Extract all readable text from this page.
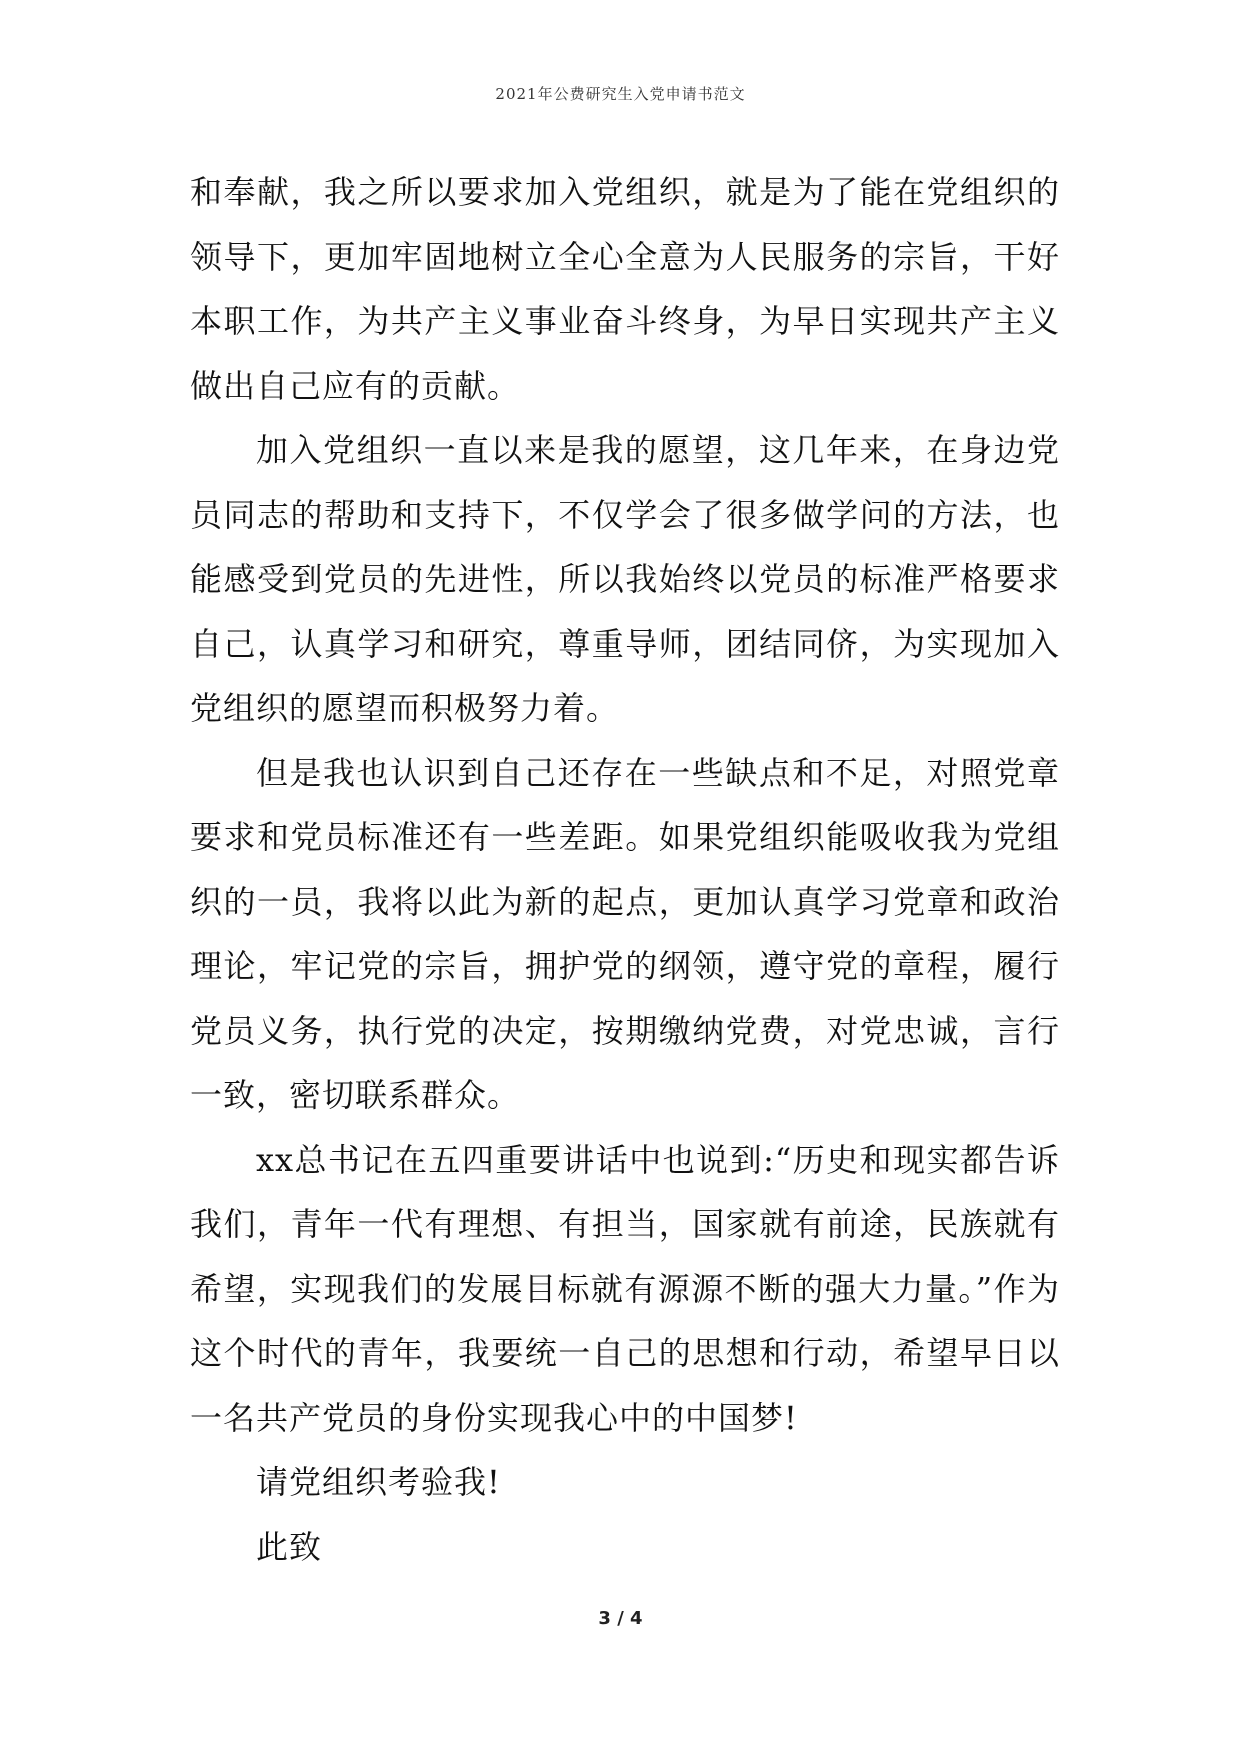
2021年公费研究生入党申请书范文

和奉献，我之所以要求加入党组织，就是为了能在党组织的领导下，更加牢固地树立全心全意为人民服务的宗旨，干好本职工作，为共产主义事业奋斗终身，为早日实现共产主义做出自己应有的贡献。

加入党组织一直以来是我的愿望，这几年来，在身边党员同志的帮助和支持下，不仅学会了很多做学问的方法，也能感受到党员的先进性，所以我始终以党员的标准严格要求自己，认真学习和研究，尊重导师，团结同侪，为实现加入党组织的愿望而积极努力着。

但是我也认识到自己还存在一些缺点和不足，对照党章要求和党员标准还有一些差距。如果党组织能吸收我为党组织的一员，我将以此为新的起点，更加认真学习党章和政治理论，牢记党的宗旨，拥护党的纲领，遵守党的章程，履行党员义务，执行党的决定，按期缴纳党费，对党忠诚，言行一致，密切联系群众。

xx总书记在五四重要讲话中也说到:“历史和现实都告诉我们，青年一代有理想、有担当，国家就有前途，民族就有希望，实现我们的发展目标就有源源不断的强大力量。”作为这个时代的青年，我要统一自己的思想和行动，希望早日以一名共产党员的身份实现我心中的中国梦!

请党组织考验我!

此致

3 / 4
